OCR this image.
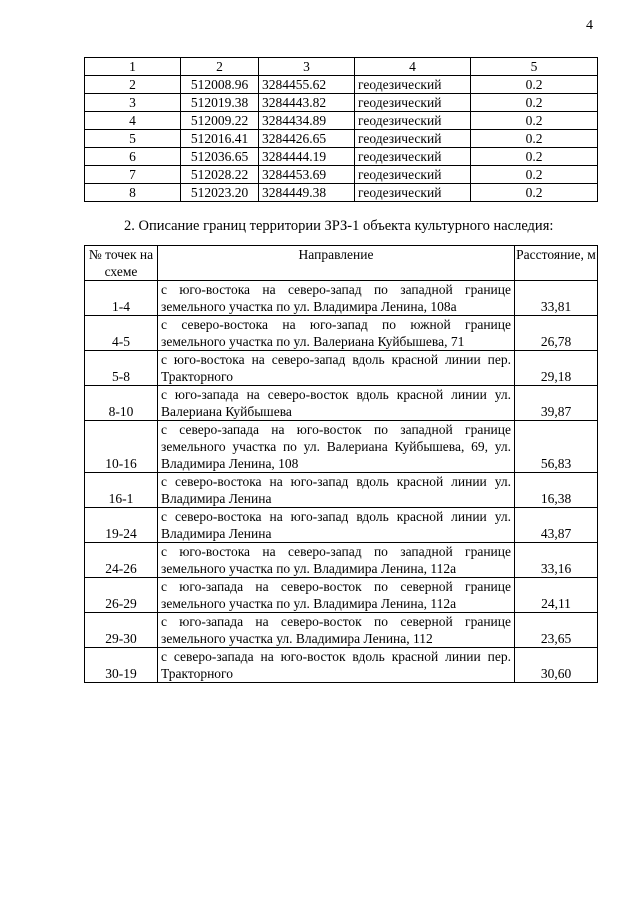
4
1	2	3	4	5
2	512008.96	3284455.62	геодезический	0.2
3	512019.38	3284443.82	геодезический	0.2
4	512009.22	3284434.89	геодезический	0.2
5	512016.41	3284426.65	геодезический	0.2
6	512036.65	3284444.19	геодезический	0.2
7	512028.22	3284453.69	геодезический	0.2
8	512023.20	3284449.38	геодезический	0.2
2. Описание границ территории ЗРЗ-1 объекта культурного наследия:
№ точек на схеме	Направление	Расстояние, м
1-4	с юго-востока на северо-запад по западной границе земельного участка по ул. Владимира Ленина, 108а	33,81
4-5	с северо-востока на юго-запад по южной границе земельного участка по ул. Валериана Куйбышева, 71	26,78
5-8	с юго-востока на северо-запад вдоль красной линии пер. Тракторного	29,18
8-10	с юго-запада на северо-восток вдоль красной линии ул. Валериана Куйбышева	39,87
10-16	с северо-запада на юго-восток по западной границе земельного участка по ул. Валериана Куйбышева, 69, ул. Владимира Ленина, 108	56,83
16-1	с северо-востока на юго-запад вдоль красной линии ул. Владимира Ленина	16,38
19-24	с северо-востока на юго-запад вдоль красной линии ул. Владимира Ленина	43,87
24-26	с юго-востока на северо-запад по западной границе земельного участка по ул. Владимира Ленина, 112а	33,16
26-29	с юго-запада на северо-восток по северной границе земельного участка по ул. Владимира Ленина, 112а	24,11
29-30	с юго-запада на северо-восток по северной границе земельного участка ул. Владимира Ленина, 112	23,65
30-19	с северо-запада на юго-восток вдоль красной линии пер. Тракторного	30,60
